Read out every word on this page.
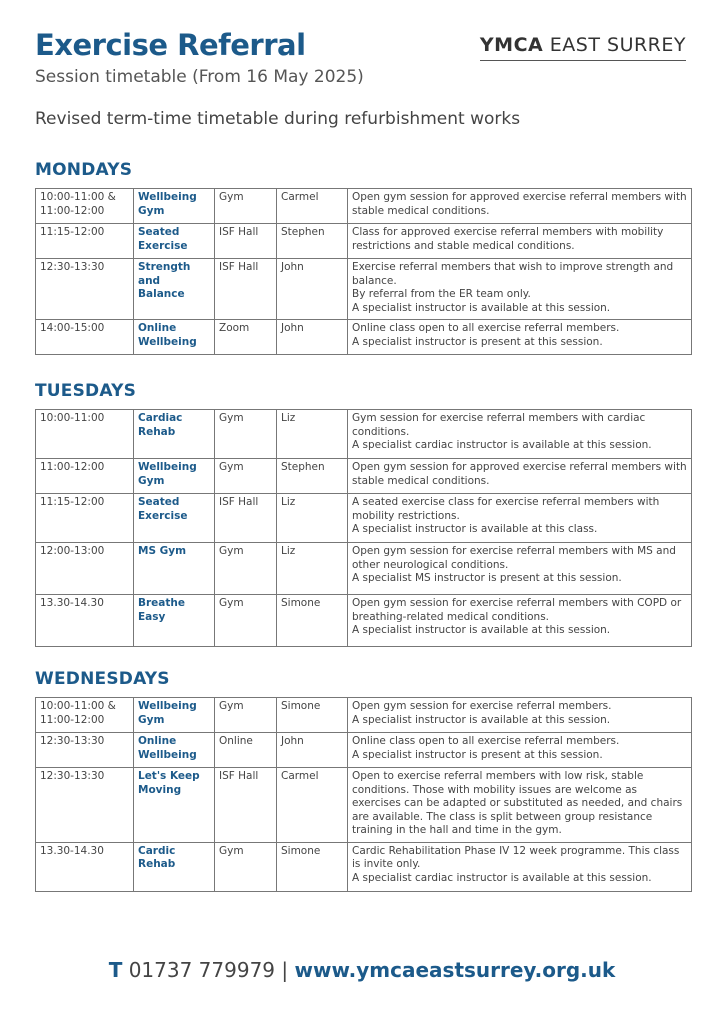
Exercise Referral
Session timetable (From 16 May 2025)
YMCA EAST SURREY
Revised term-time timetable during refurbishment works
MONDAYS
10:00-11:00 &
11:00-12:00	Wellbeing Gym	Gym	Carmel	Open gym session for approved exercise referral members with stable medical conditions.
11:15-12:00	Seated Exercise	ISF Hall	Stephen	Class for approved exercise referral members with mobility restrictions and stable medical conditions.
12:30-13:30	Strength and Balance	ISF Hall	John	Exercise referral members that wish to improve strength and balance.
By referral from the ER team only.
A specialist instructor is available at this session.
14:00-15:00	Online Wellbeing	Zoom	John	Online class open to all exercise referral members.
A specialist instructor is present at this session.
TUESDAYS
10:00-11:00	Cardiac Rehab	Gym	Liz	Gym session for exercise referral members with cardiac conditions.
A specialist cardiac instructor is available at this session.
11:00-12:00	Wellbeing Gym	Gym	Stephen	Open gym session for approved exercise referral members with stable medical conditions.
11:15-12:00	Seated Exercise	ISF Hall	Liz	A seated exercise class for exercise referral members with mobility restrictions.
A specialist instructor is available at this class.
12:00-13:00	MS Gym	Gym	Liz	Open gym session for exercise referral members with MS and other neurological conditions.
A specialist MS instructor is present at this session.
13.30-14.30	Breathe Easy	Gym	Simone	Open gym session for exercise referral members with COPD or breathing-related medical conditions.
A specialist instructor is available at this session.
WEDNESDAYS
10:00-11:00 &
11:00-12:00	Wellbeing Gym	Gym	Simone	Open gym session for exercise referral members.
A specialist instructor is available at this session.
12:30-13:30	Online Wellbeing	Online	John	Online class open to all exercise referral members.
A specialist instructor is present at this session.
12:30-13:30	Let's Keep Moving	ISF Hall	Carmel	Open to exercise referral members with low risk, stable conditions. Those with mobility issues are welcome as exercises can be adapted or substituted as needed, and chairs are available. The class is split between group resistance training in the hall and time in the gym.
13.30-14.30	Cardic Rehab	Gym	Simone	Cardic Rehabilitation Phase IV 12 week programme. This class is invite only.
A specialist cardiac instructor is available at this session.
T 01737 779979 | www.ymcaeastsurrey.org.uk
